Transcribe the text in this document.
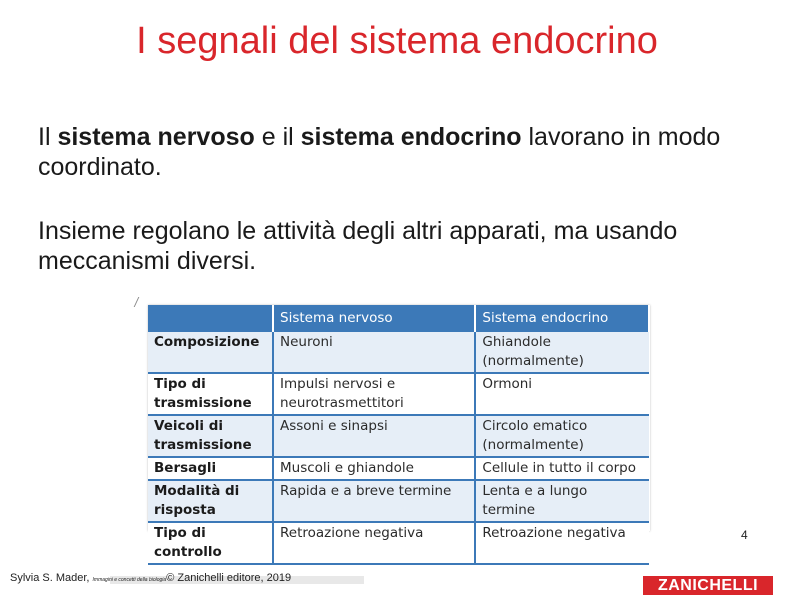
I segnali del sistema endocrino
Il sistema nervoso e il sistema endocrino lavorano in modo coordinato.
Insieme regolano le attività degli altri apparati, ma usando meccanismi diversi.
	Sistema nervoso	Sistema endocrino
Composizione	Neuroni	Ghiandole (normalmente)
Tipo di trasmissione	Impulsi nervosi e neurotrasmettitori	Ormoni
Veicoli di trasmissione	Assoni e sinapsi	Circolo ematico (normalmente)
Bersagli	Muscoli e ghiandole	Cellule in tutto il corpo
Modalità di risposta	Rapida e a breve termine	Lenta e a lungo termine
Tipo di controllo	Retroazione negativa	Retroazione negativa	4
Sylvia S. Mader, Immagini e concetti della biologia© Zanichelli editore, 2019	ZANICHELLI
